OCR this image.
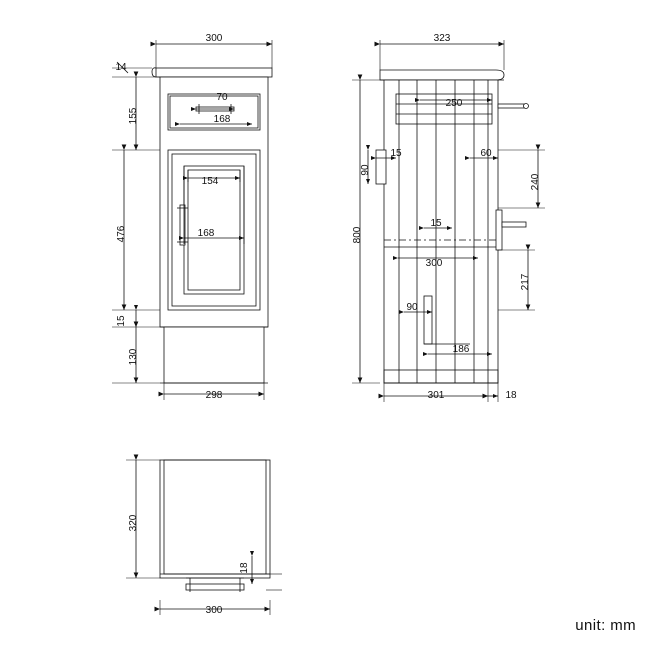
300
14
155
476
15
130
298
70
168
154
168
323
800
301	18
240
217
90
250
15	60
15
300
90
186
320
18
300
unit: mm
